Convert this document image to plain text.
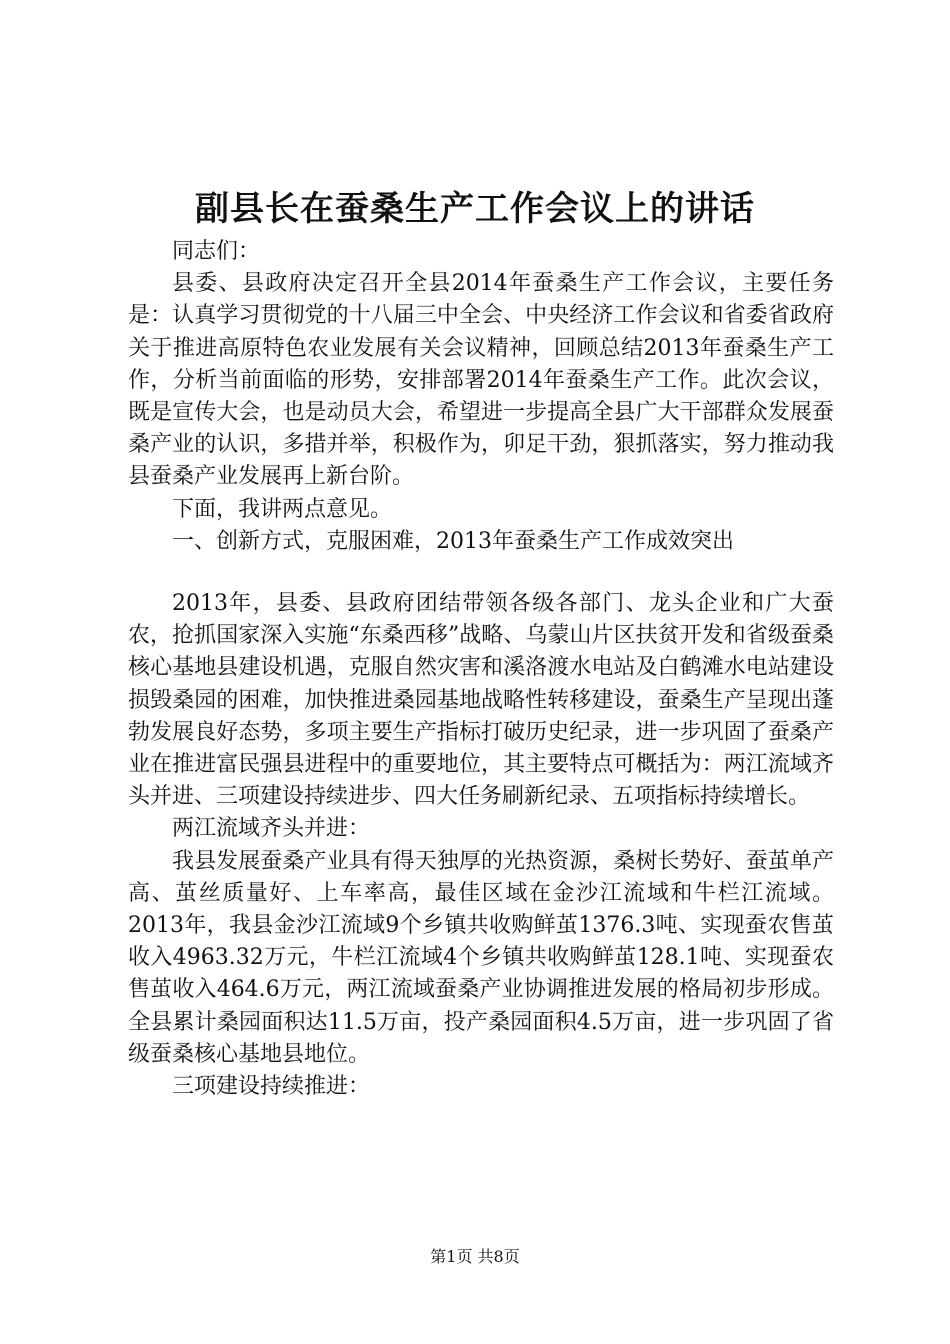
副县长在蚕桑生产工作会议上的讲话

同志们：

县委、县政府决定召开全县2014年蚕桑生产工作会议，主要任务是：认真学习贯彻党的十八届三中全会、中央经济工作会议和省委省政府关于推进高原特色农业发展有关会议精神，回顾总结2013年蚕桑生产工作，分析当前面临的形势，安排部署2014年蚕桑生产工作。此次会议，既是宣传大会，也是动员大会，希望进一步提高全县广大干部群众发展蚕桑产业的认识，多措并举，积极作为，卯足干劲，狠抓落实，努力推动我县蚕桑产业发展再上新台阶。

下面，我讲两点意见。

一、创新方式，克服困难，2013年蚕桑生产工作成效突出

2013年，县委、县政府团结带领各级各部门、龙头企业和广大蚕农，抢抓国家深入实施“东桑西移”战略、乌蒙山片区扶贫开发和省级蚕桑核心基地县建设机遇，克服自然灾害和溪洛渡水电站及白鹤滩水电站建设损毁桑园的困难，加快推进桑园基地战略性转移建设，蚕桑生产呈现出蓬勃发展良好态势，多项主要生产指标打破历史纪录，进一步巩固了蚕桑产业在推进富民强县进程中的重要地位，其主要特点可概括为：两江流域齐头并进、三项建设持续进步、四大任务刷新纪录、五项指标持续增长。

两江流域齐头并进：

我县发展蚕桑产业具有得天独厚的光热资源，桑树长势好、蚕茧单产高、茧丝质量好、上车率高，最佳区域在金沙江流域和牛栏江流域。2013年，我县金沙江流域9个乡镇共收购鲜茧1376.3吨、实现蚕农售茧收入4963.32万元，牛栏江流域4个乡镇共收购鲜茧128.1吨、实现蚕农售茧收入464.6万元，两江流域蚕桑产业协调推进发展的格局初步形成。全县累计桑园面积达11.5万亩，投产桑园面积4.5万亩，进一步巩固了省级蚕桑核心基地县地位。

三项建设持续推进：

第1页 共8页
